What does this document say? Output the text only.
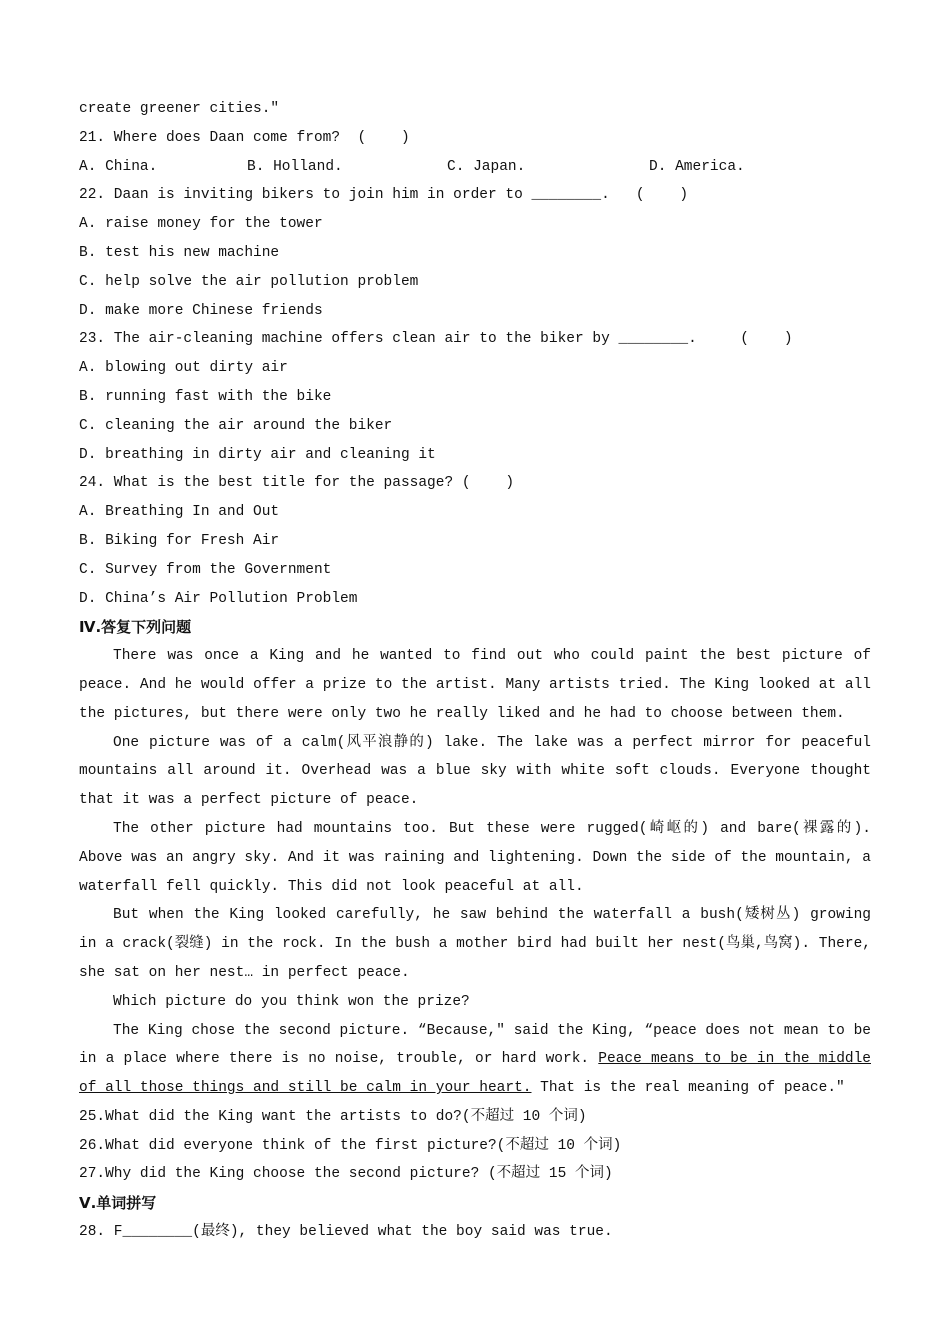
create greener cities.″
21. Where does Daan come from?  (    )
A. China.	B. Holland.	C. Japan.	D. America.
22. Daan is inviting bikers to join him in order to ________.   (    )
A. raise money for the tower
B. test his new machine
C. help solve the air pollution problem
D. make more Chinese friends
23. The air-cleaning machine offers clean air to the biker by ________.     (    )
A. blowing out dirty air
B. running fast with the bike
C. cleaning the air around the biker
D. breathing in dirty air and cleaning it
24. What is the best title for the passage? (    )
A. Breathing In and Out
B. Biking for Fresh Air
C. Survey from the Government
D. China’s Air Pollution Problem
Ⅳ.答复下列问题
There was once a King and he wanted to find out who could paint the best picture of peace. And he would offer a prize to the artist. Many artists tried. The King looked at all the pictures, but there were only two he really liked and he had to choose between them.
One picture was of a calm(风平浪静的) lake. The lake was a perfect mirror for peaceful mountains all around it. Overhead was a blue sky with white soft clouds. Everyone thought that it was a perfect picture of peace.
The other picture had mountains too. But these were rugged(崎岖的) and bare(裸露的). Above was an angry sky. And it was raining and lightening. Down the side of the mountain, a waterfall fell quickly. This did not look peaceful at all.
But when the King looked carefully, he saw behind the waterfall a bush(矮树丛) growing in a crack(裂缝) in the rock. In the bush a mother bird had built her nest(鸟巢,鸟窝). There, she sat on her nest… in perfect peace.
Which picture do you think won the prize?
The King chose the second picture. “Because,″ said the King, “peace does not mean to be in a place where there is no noise, trouble, or hard work. Peace means to be in the middle of all those things and still be calm in your heart. That is the real meaning of peace.″
25.What did the King want the artists to do?(不超过 10 个词)
26.What did everyone think of the first picture?(不超过 10 个词)
27.Why did the King choose the second picture? (不超过 15 个词)
Ⅴ.单词拼写
28. F________(最终), they believed what the boy said was true.
